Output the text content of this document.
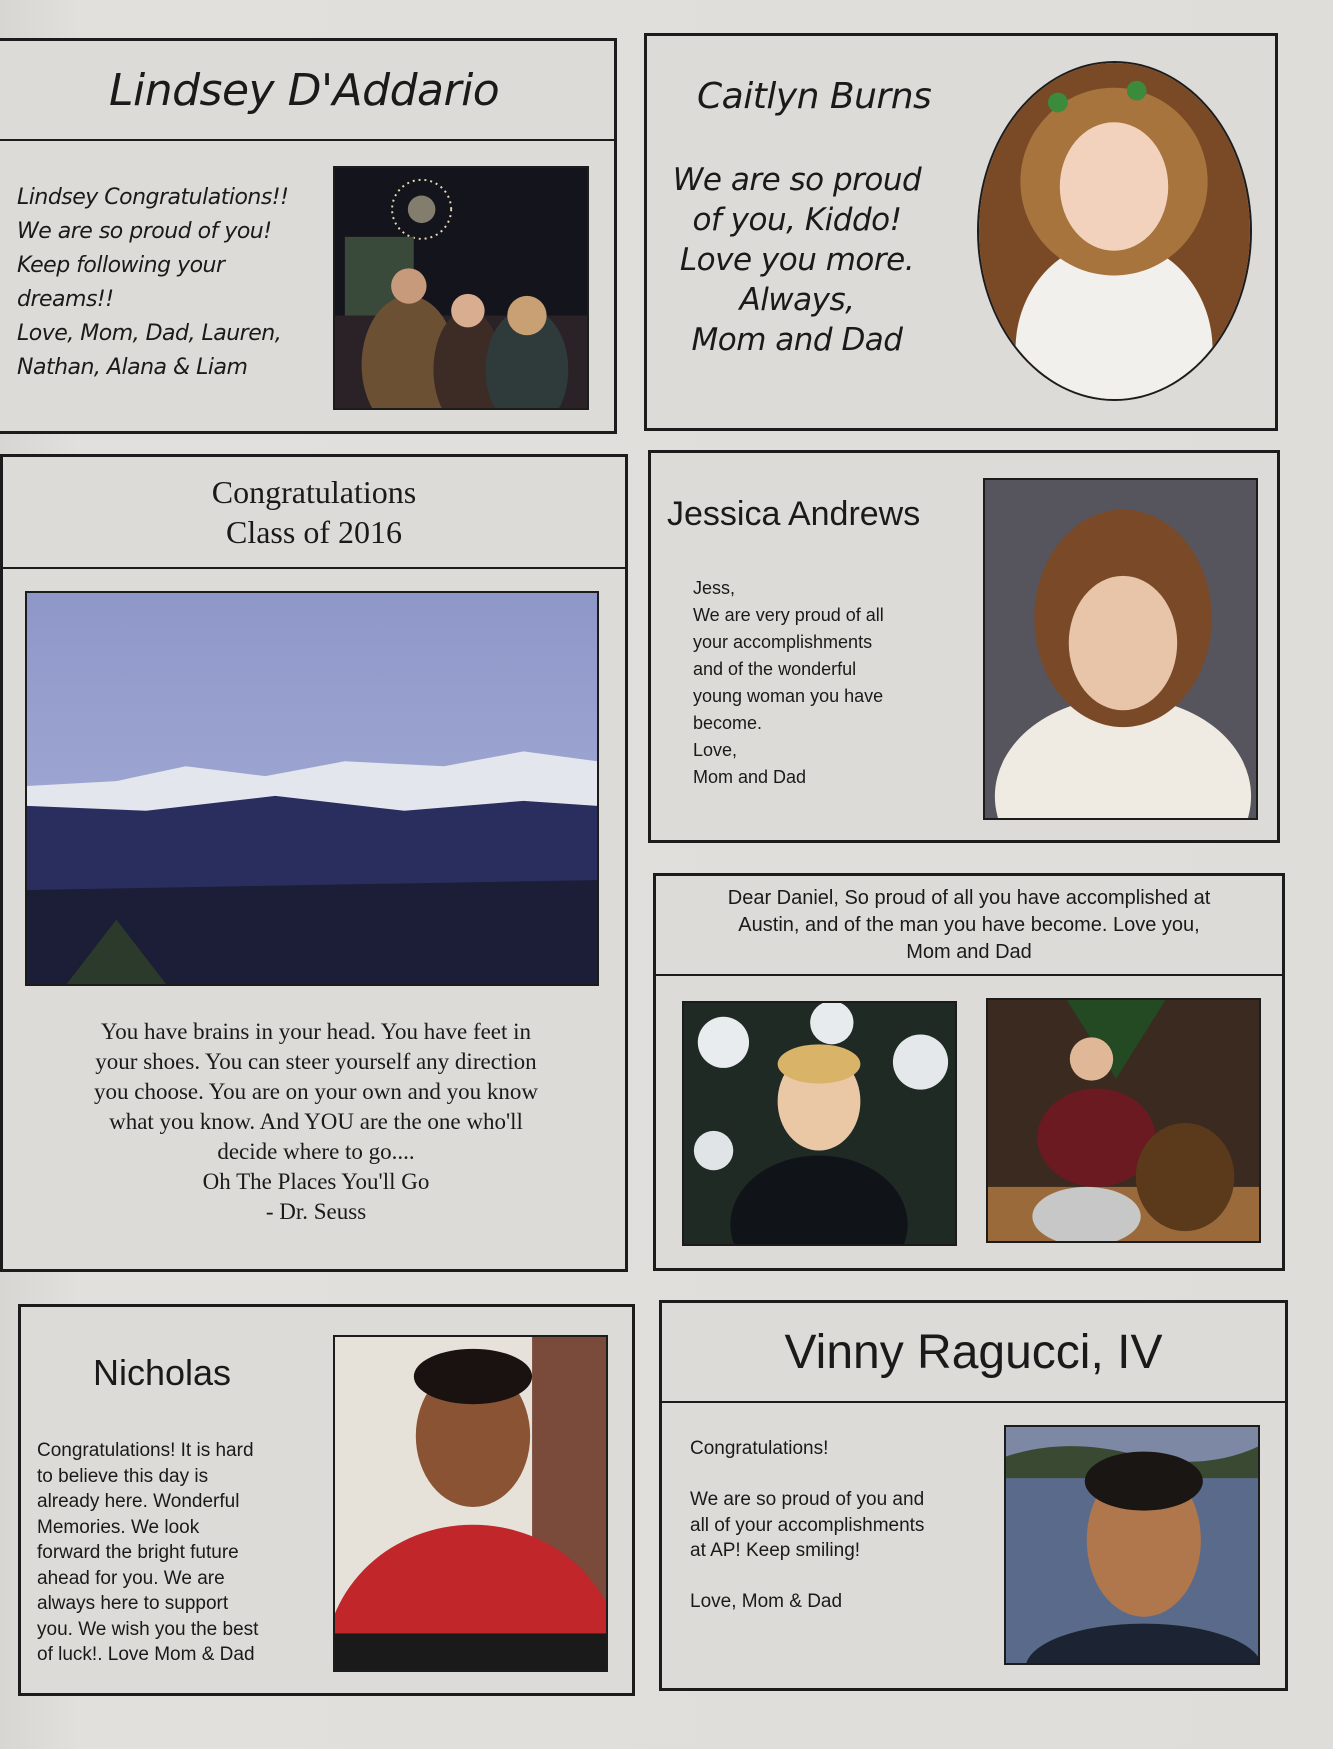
Lindsey D'Addario
Lindsey Congratulations!!
We are so proud of you!
Keep following your
dreams!!
Love, Mom, Dad, Lauren,
Nathan, Alana & Liam
Caitlyn Burns
We are so proud
of you, Kiddo!
Love you more.
Always,
Mom and Dad
Congratulations
Class of 2016
You have brains in your head. You have feet in
your shoes. You can steer yourself any direction
you choose. You are on your own and you know
what you know. And YOU are the one who'll
decide where to go....
Oh The Places You'll Go
- Dr. Seuss
Jessica Andrews
Jess,
We are very proud of all
your accomplishments
and of the wonderful
young woman you have
become.
Love,
Mom and Dad
Dear Daniel, So proud of all you have accomplished at
Austin, and of the man you have become. Love you,
Mom and Dad
Nicholas
Congratulations! It is hard
to believe this day is
already here. Wonderful
Memories. We look
forward the bright future
ahead for you. We are
always here to support
you. We wish you the best
of luck!. Love Mom & Dad
Vinny Ragucci, IV
Congratulations!

We are so proud of you and
all of your accomplishments
at AP! Keep smiling!

Love, Mom & Dad
